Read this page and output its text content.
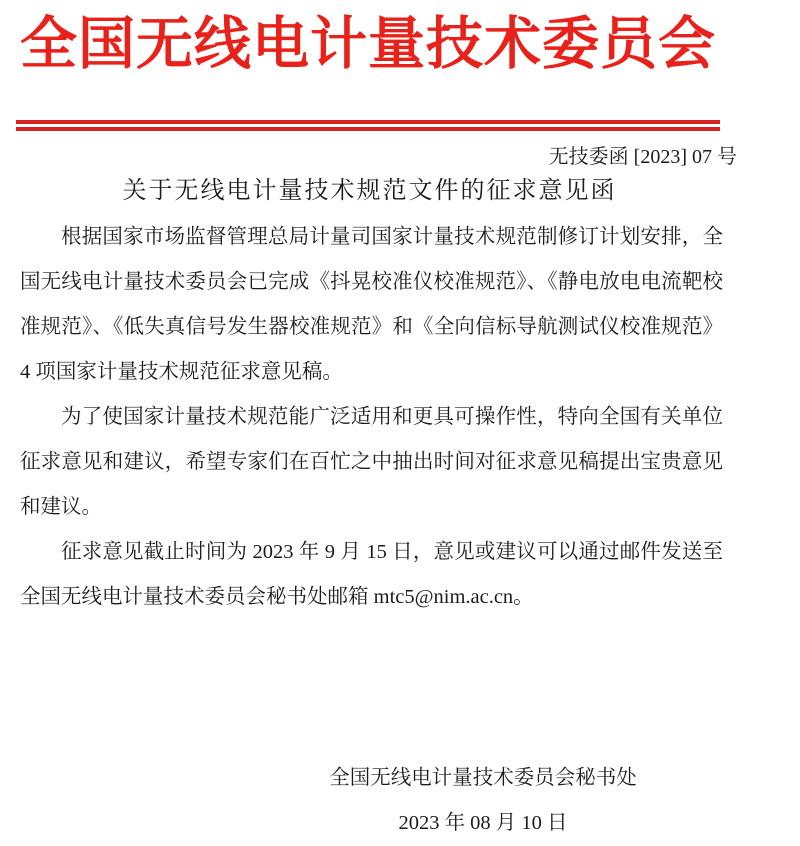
全国无线电计量技术委员会
无技委函 [2023] 07 号
关于无线电计量技术规范文件的征求意见函

根据国家市场监督管理总局计量司国家计量技术规范制修订计划安排，全国无线电计量技术委员会已完成《抖晃校准仪校准规范》、《静电放电电流靶校准规范》、《低失真信号发生器校准规范》和《全向信标导航测试仪校准规范》4 项国家计量技术规范征求意见稿。

为了使国家计量技术规范能广泛适用和更具可操作性，特向全国有关单位征求意见和建议，希望专家们在百忙之中抽出时间对征求意见稿提出宝贵意见和建议。

征求意见截止时间为 2023 年 9 月 15 日，意见或建议可以通过邮件发送至全国无线电计量技术委员会秘书处邮箱 mtc5@nim.ac.cn。

全国无线电计量技术委员会秘书处
2023 年 08 月 10 日
